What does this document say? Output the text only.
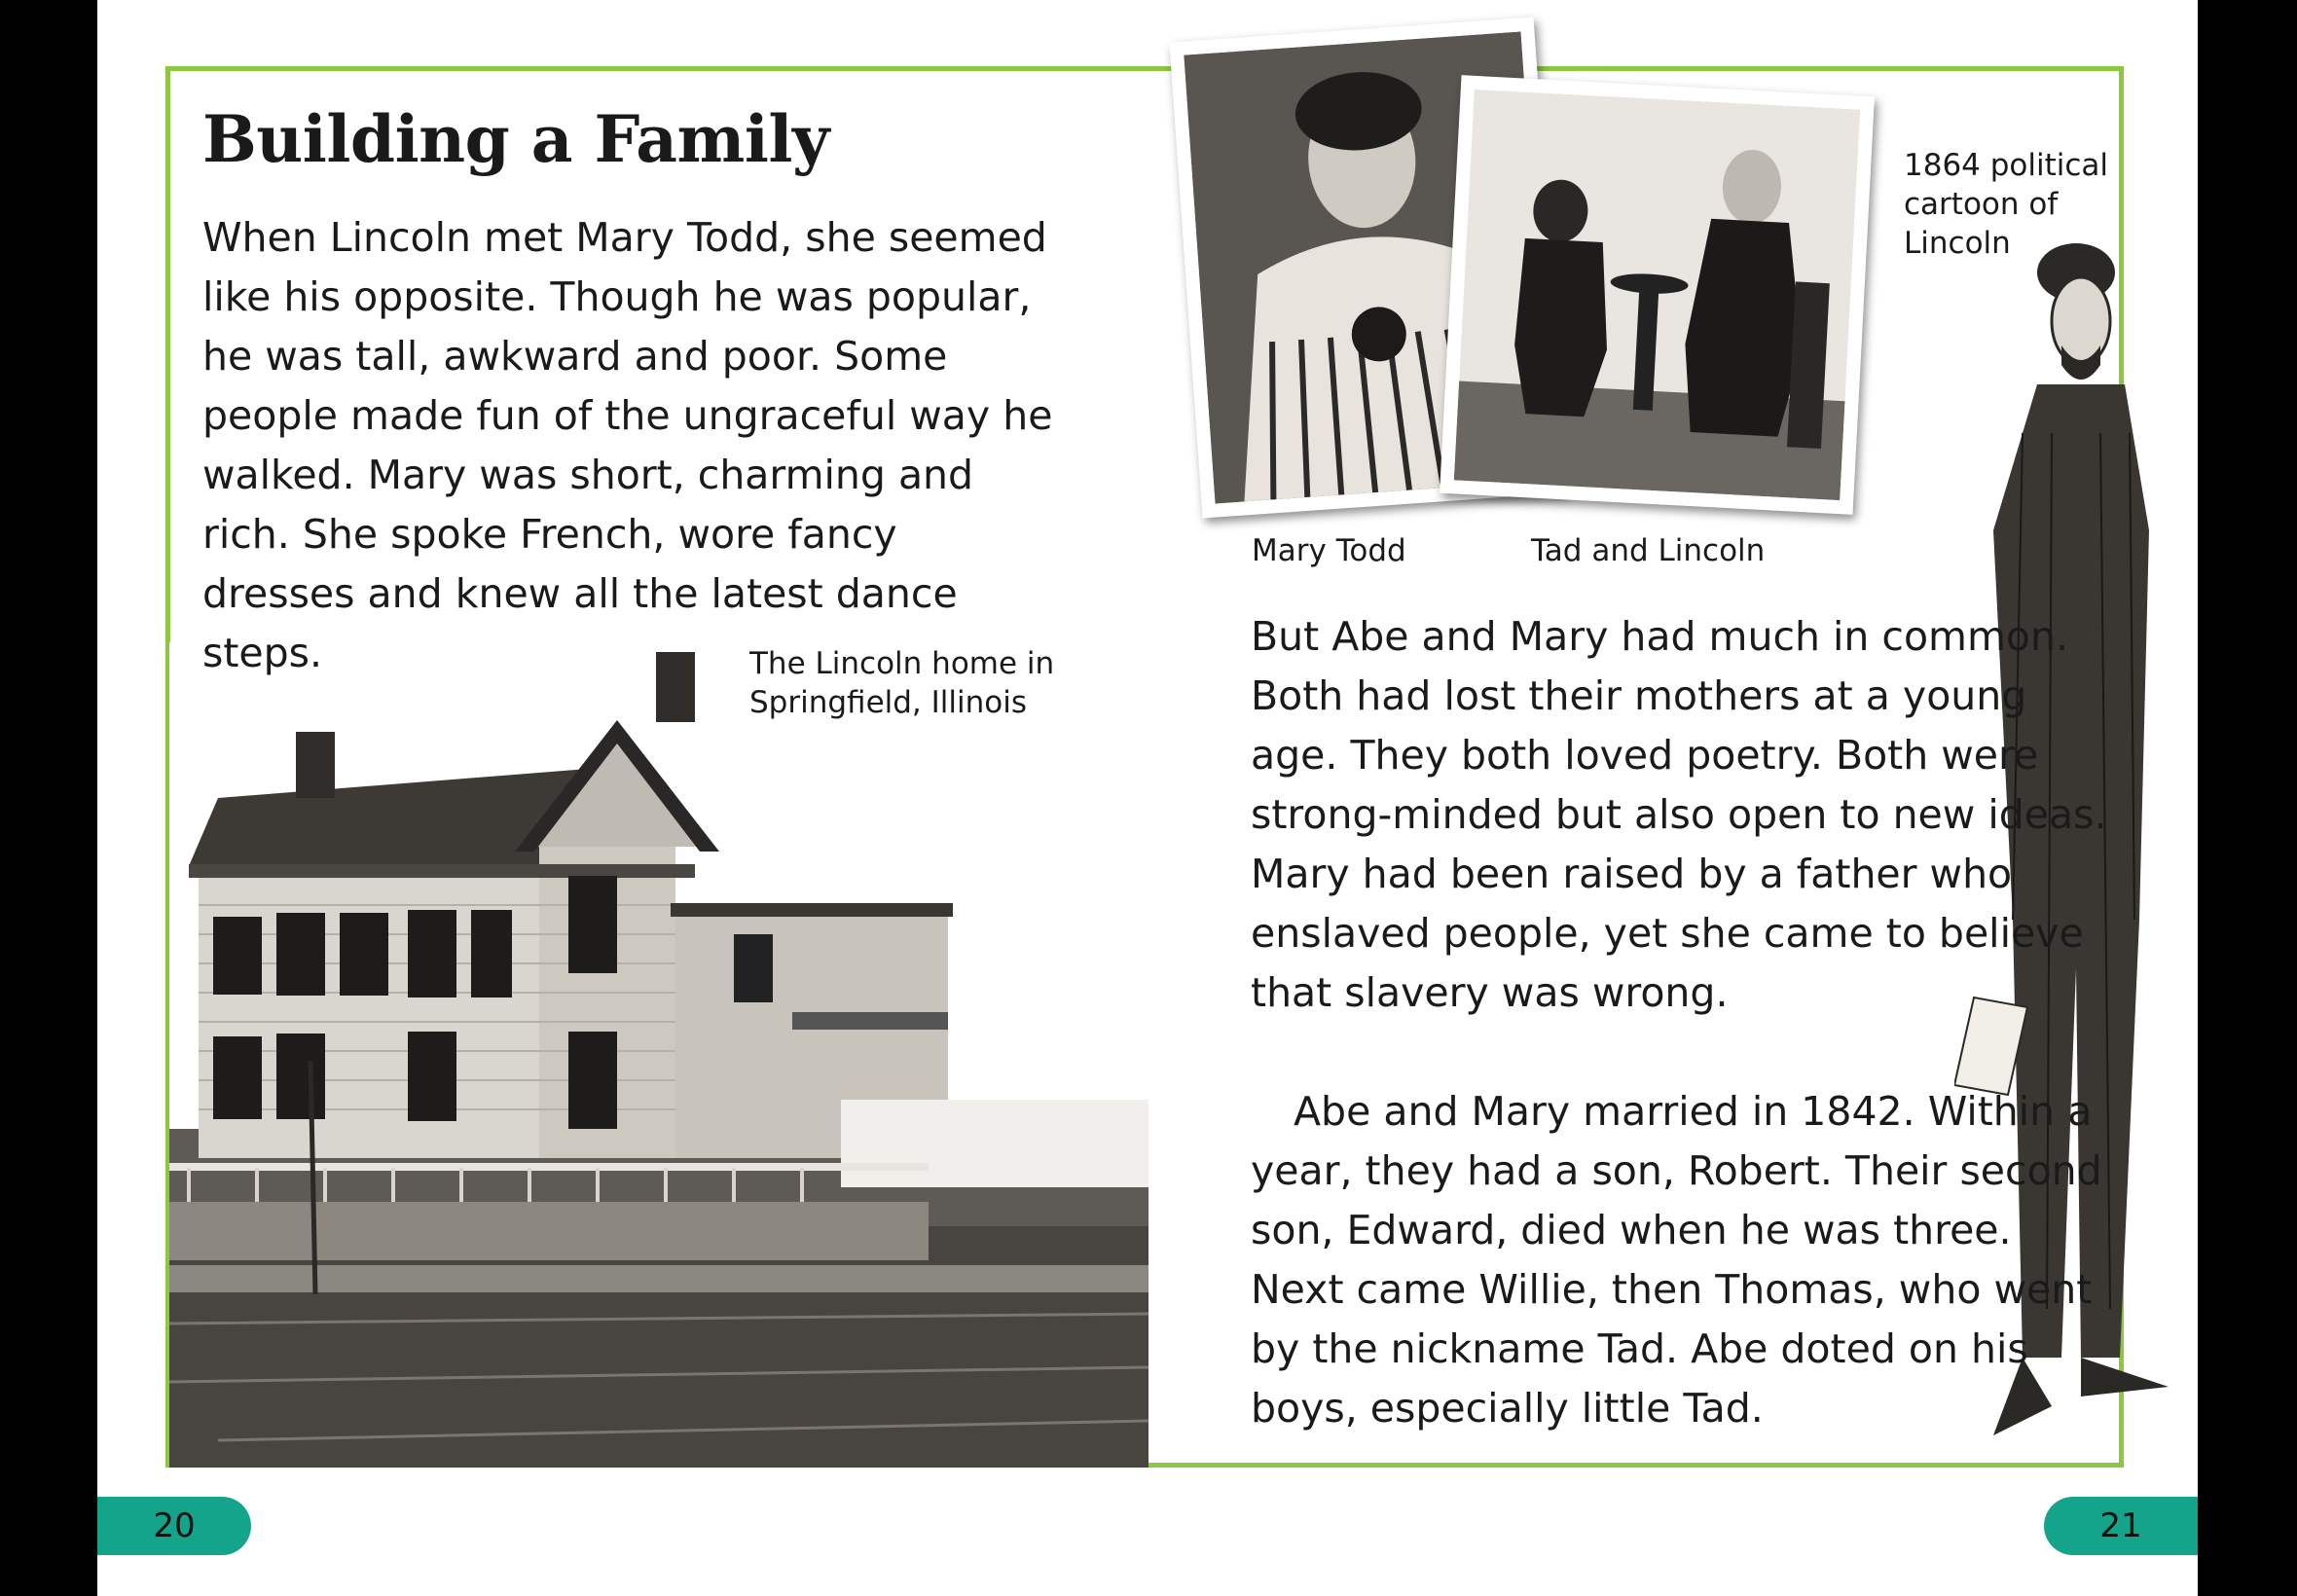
Building a Family

When Lincoln met Mary Todd, she seemed like his opposite. Though he was popular, he was tall, awkward and poor. Some people made fun of the ungraceful way he walked. Mary was short, charming and rich. She spoke French, wore fancy dresses and knew all the latest dance steps.	The Lincoln home in Springfield, Illinois
Mary Todd	Tad and Lincoln
1864 political cartoon of Lincoln

But Abe and Mary had much in common. Both had lost their mothers at a young age. They both loved poetry. Both were strong-minded but also open to new ideas. Mary had been raised by a father who enslaved people, yet she came to believe that slavery was wrong.

Abe and Mary married in 1842. Within a year, they had a son, Robert. Their second son, Edward, died when he was three. Next came Willie, then Thomas, who went by the nickname Tad. Abe doted on his boys, especially little Tad.

20	21
